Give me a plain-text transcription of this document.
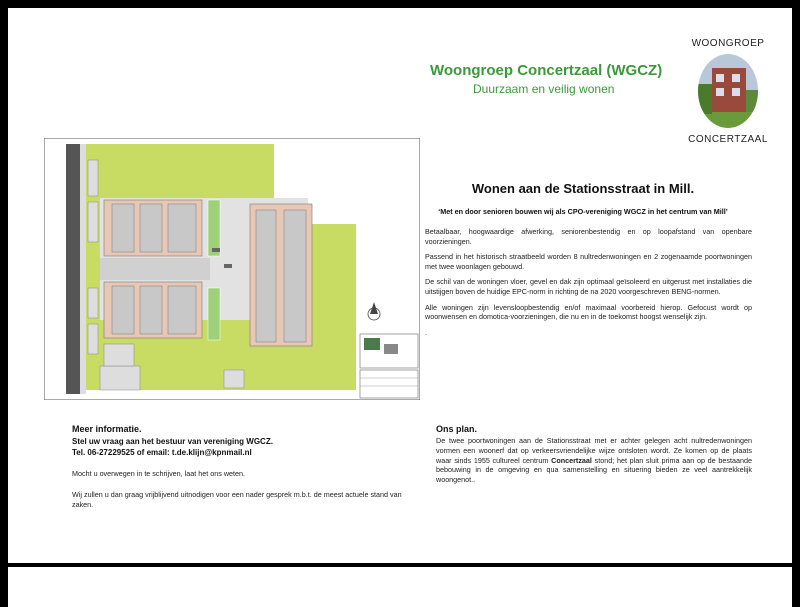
Woongroep Concertzaal (WGCZ)
Duurzaam en veilig wonen
WOONGROEP
CONCERTZAAL
Wonen aan de Stationsstraat in Mill.
‘Met en door senioren bouwen wij als CPO-vereniging WGCZ in het centrum van Mill’

Betaalbaar, hoogwaardige afwerking, seniorenbestendig en op loopafstand van openbare voorzieningen.

Passend in het historisch straatbeeld worden 8 nultredenwoningen en 2 zogenaamde poortwoningen met twee woonlagen gebouwd.

De schil van de woningen vloer, gevel en dak zijn optimaal geïsoleerd en uitgerust met installaties die uitstijgen boven de huidige EPC-norm in richting de na 2020 voorgeschreven BENG-normen.

Alle woningen zijn levensloopbestendig en/of maximaal voorbereid hierop. Gefocust wordt op woonwensen en domotica-voorzieningen, die nu en in de toekomst hoogst wenselijk zijn.

.

Meer informatie.
Stel uw vraag aan het bestuur van vereniging WGCZ.
Tel. 06-27229525 of email: t.de.klijn@kpnmail.nl
Mocht u overwegen in te schrijven, laat het ons weten.
Wij zullen u dan graag vrijblijvend uitnodigen voor een nader gesprek m.b.t. de meest actuele stand van zaken.
Ons plan.
De twee poortwoningen aan de Stationsstraat met er achter gelegen acht nultredenwoningen vormen een woonerf dat op verkeersvriendelijke wijze ontsloten wordt. Ze komen op de plaats waar sinds 1955 cultureel centrum Concertzaal stond; het plan sluit prima aan op de bestaande bebouwing in de omgeving en qua samenstelling en situering bieden ze veel aantrekkelijk woongenot..
